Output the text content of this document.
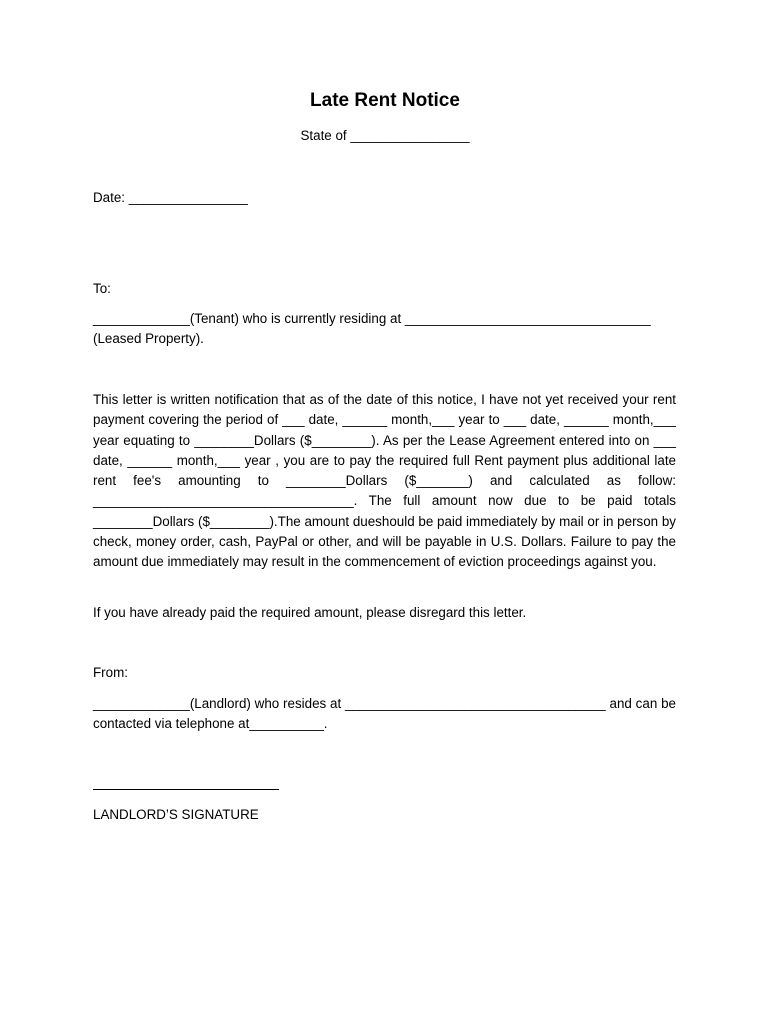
Late Rent Notice
State of ________________
Date: ________________
To:
_____________(Tenant) who is currently residing at _________________________________
(Leased Property).
This letter is written notification that as of the date of this notice, I have not yet received your rent payment covering the period of ___ date, ______ month,___ year to ___ date, ______ month,___ year equating to ________Dollars ($________). As per the Lease Agreement entered into on ___ date, ______ month,___ year , you are to pay the required full Rent payment plus additional late rent fee's amounting to ________Dollars ($_______) and calculated as follow: ___________________________________. The full amount now due to be paid totals ________Dollars ($________).The amount dueshould be paid immediately by mail or in person by check, money order, cash, PayPal or other, and will be payable in U.S. Dollars. Failure to pay the amount due immediately may result in the commencement of eviction proceedings against you.
If you have already paid the required amount, please disregard this letter.
From:
_____________(Landlord) who resides at ___________________________________ and can be contacted via telephone at__________.
LANDLORD’S SIGNATURE
